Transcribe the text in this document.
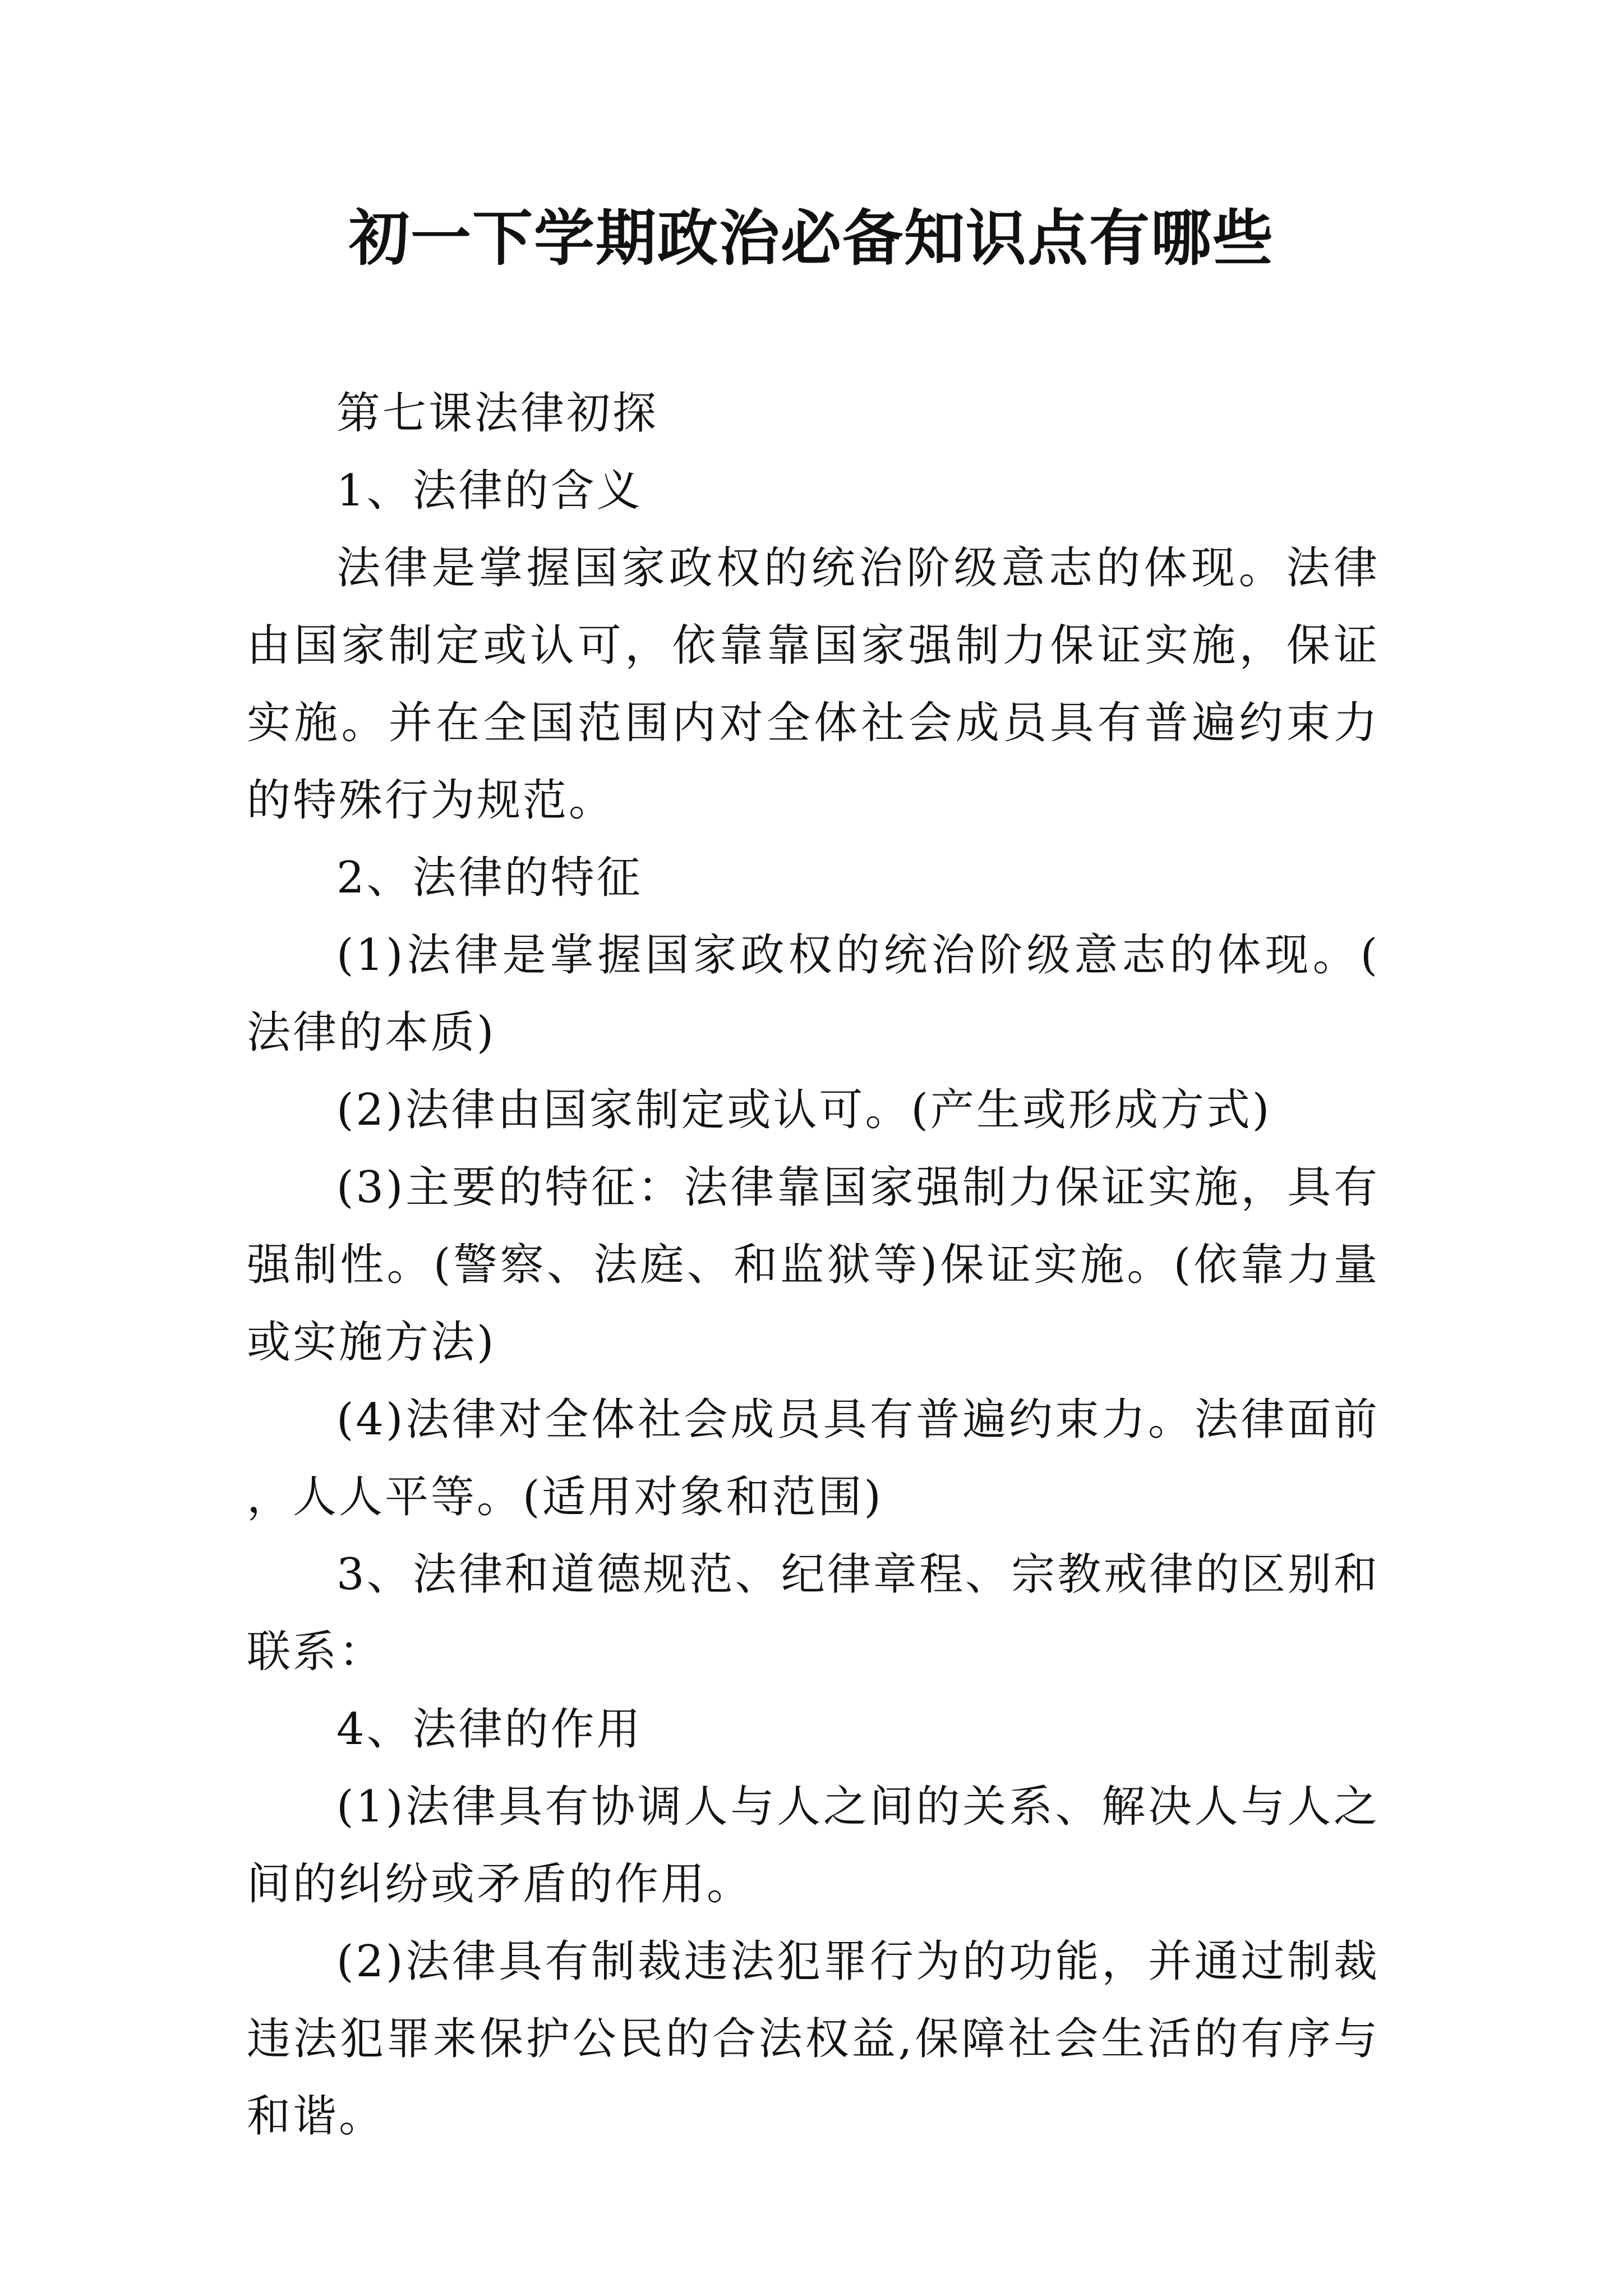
初一下学期政治必备知识点有哪些

第七课法律初探

1、法律的含义

法律是掌握国家政权的统治阶级意志的体现。法律由国家制定或认可，依靠靠国家强制力保证实施，保证实施。并在全国范围内对全体社会成员具有普遍约束力的特殊行为规范。

2、法律的特征

(1)法律是掌握国家政权的统治阶级意志的体现。(法律的本质)

(2)法律由国家制定或认可。(产生或形成方式)

(3)主要的特征：法律靠国家强制力保证实施，具有强制性。(警察、法庭、和监狱等)保证实施。(依靠力量或实施方法)

(4)法律对全体社会成员具有普遍约束力。法律面前，人人平等。(适用对象和范围)

3、法律和道德规范、纪律章程、宗教戒律的区别和联系：

4、法律的作用

(1)法律具有协调人与人之间的关系、解决人与人之间的纠纷或矛盾的作用。

(2)法律具有制裁违法犯罪行为的功能，并通过制裁违法犯罪来保护公民的合法权益,保障社会生活的有序与和谐。
